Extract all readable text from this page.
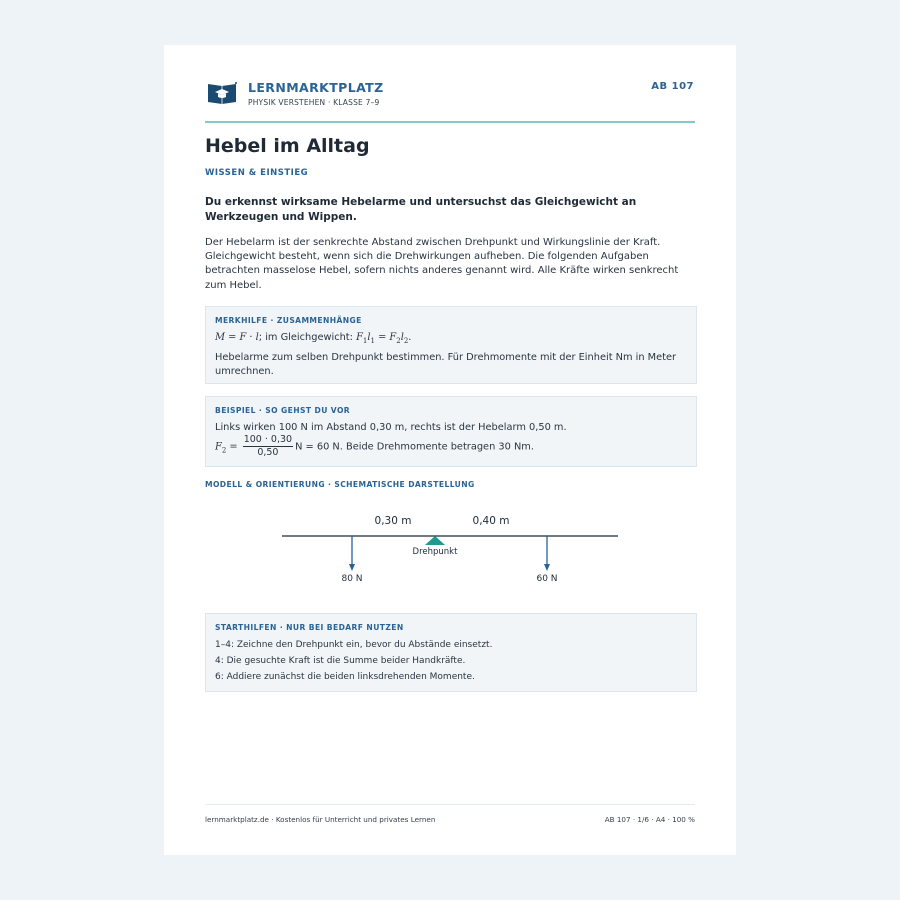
LERNMARKTPLATZ
PHYSIK VERSTEHEN · KLASSE 7–9
AB 107
Hebel im Alltag
WISSEN & EINSTIEG
Du erkennst wirksame Hebelarme und untersuchst das Gleichgewicht an Werkzeugen und Wippen.
Der Hebelarm ist der senkrechte Abstand zwischen Drehpunkt und Wirkungslinie der Kraft. Gleichgewicht besteht, wenn sich die Drehwirkungen aufheben. Die folgenden Aufgaben betrachten masselose Hebel, sofern nichts anderes genannt wird. Alle Kräfte wirken senkrecht zum Hebel.
MERKHILFE · ZUSAMMENHÄNGE
M = F · l; im Gleichgewicht: $F_1l_1 = F_2l_2$.
Hebelarme zum selben Drehpunkt bestimmen. Für Drehmomente mit der Einheit Nm in Meter umrechnen.
BEISPIEL · SO GEHST DU VOR
Links wirken 100 N im Abstand 0,30 m, rechts ist der Hebelarm 0,50 m.
$F_2 = \frac{100 \cdot 0,30}{0,50}$ N = 60 N. Beide Drehmomente betragen 30 Nm.
MODELL & ORIENTIERUNG · SCHEMATISCHE DARSTELLUNG
0,30 m	0,40 m
Drehpunkt
80 N	60 N
STARTHILFEN · NUR BEI BEDARF NUTZEN
1–4: Zeichne den Drehpunkt ein, bevor du Abstände einsetzt.
4: Die gesuchte Kraft ist die Summe beider Handkräfte.
6: Addiere zunächst die beiden linksdrehenden Momente.
lernmarktplatz.de · Kostenlos für Unterricht und privates Lernen	AB 107 · 1/6 · A4 · 100 %
